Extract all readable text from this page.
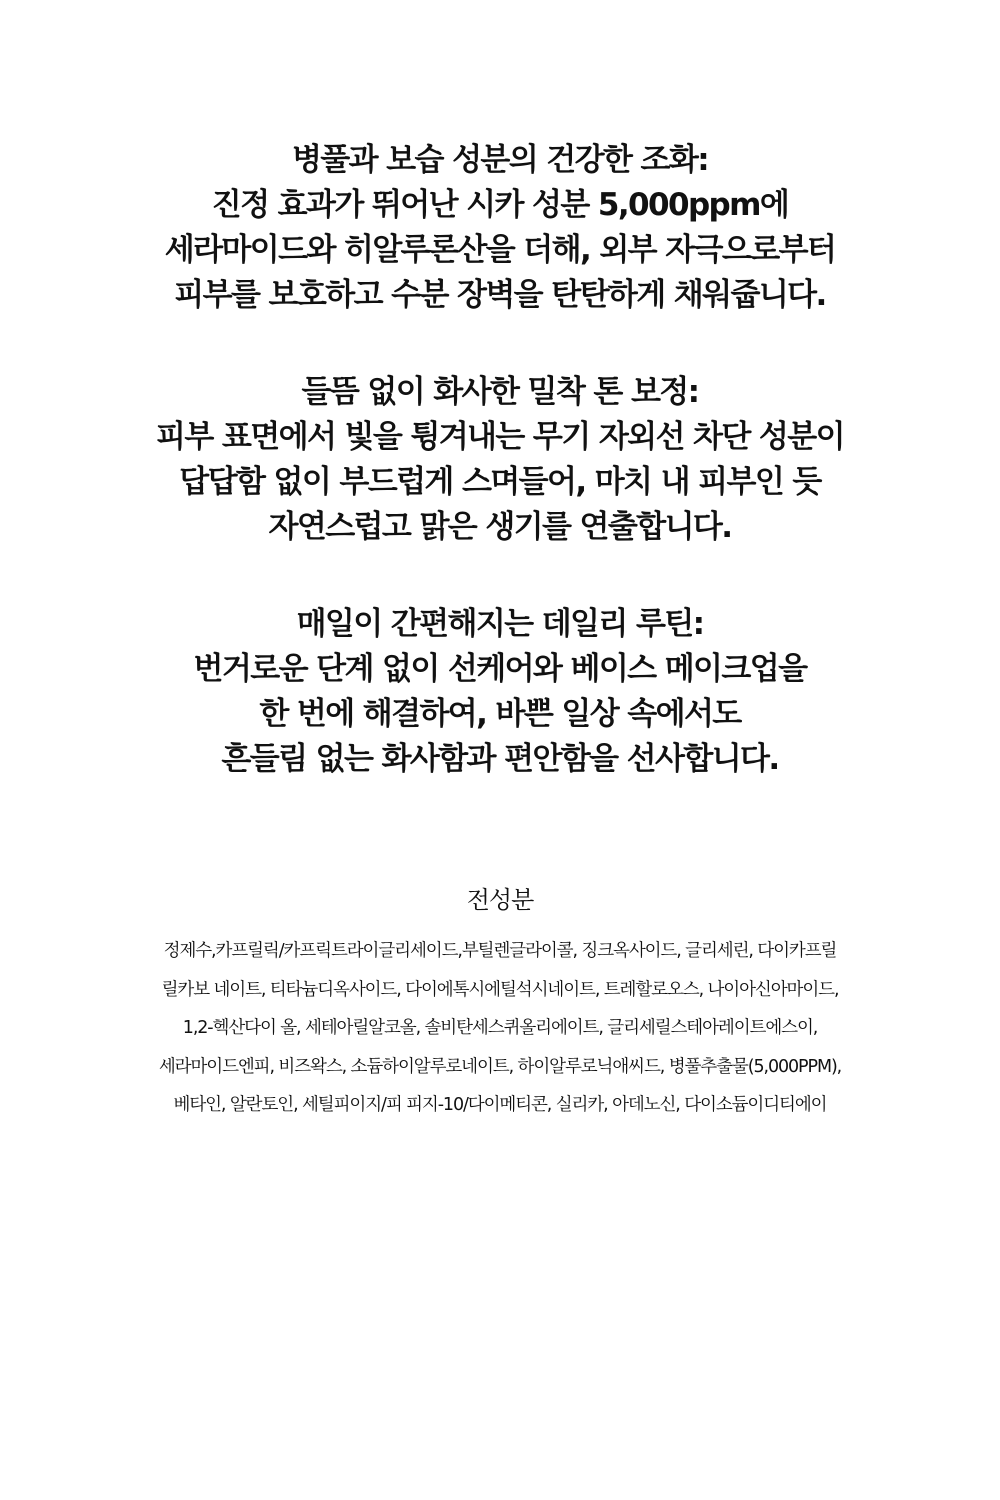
병풀과 보습 성분의 건강한 조화:
진정 효과가 뛰어난 시카 성분 5,000ppm에
세라마이드와 히알루론산을 더해, 외부 자극으로부터
피부를 보호하고 수분 장벽을 탄탄하게 채워줍니다.
들뜸 없이 화사한 밀착 톤 보정:
피부 표면에서 빛을 튕겨내는 무기 자외선 차단 성분이
답답함 없이 부드럽게 스며들어, 마치 내 피부인 듯
자연스럽고 맑은 생기를 연출합니다.
매일이 간편해지는 데일리 루틴:
번거로운 단계 없이 선케어와 베이스 메이크업을
한 번에 해결하여, 바쁜 일상 속에서도
흔들림 없는 화사함과 편안함을 선사합니다.
전성분
정제수,카프릴릭/카프릭트라이글리세이드,부틸렌글라이콜, 징크옥사이드, 글리세린, 다이카프릴
릴카보 네이트, 티타늄디옥사이드, 다이에톡시에틸석시네이트, 트레할로오스, 나이아신아마이드,
1,2-헥산다이 올, 세테아릴알코올, 솔비탄세스퀴올리에이트, 글리세릴스테아레이트에스이,
세라마이드엔피, 비즈왁스, 소듐하이알루로네이트, 하이알루로닉애씨드, 병풀추출물(5,000PPM),
베타인, 알란토인, 세틸피이지/피 피지-10/다이메티콘, 실리카, 아데노신, 다이소듐이디티에이
